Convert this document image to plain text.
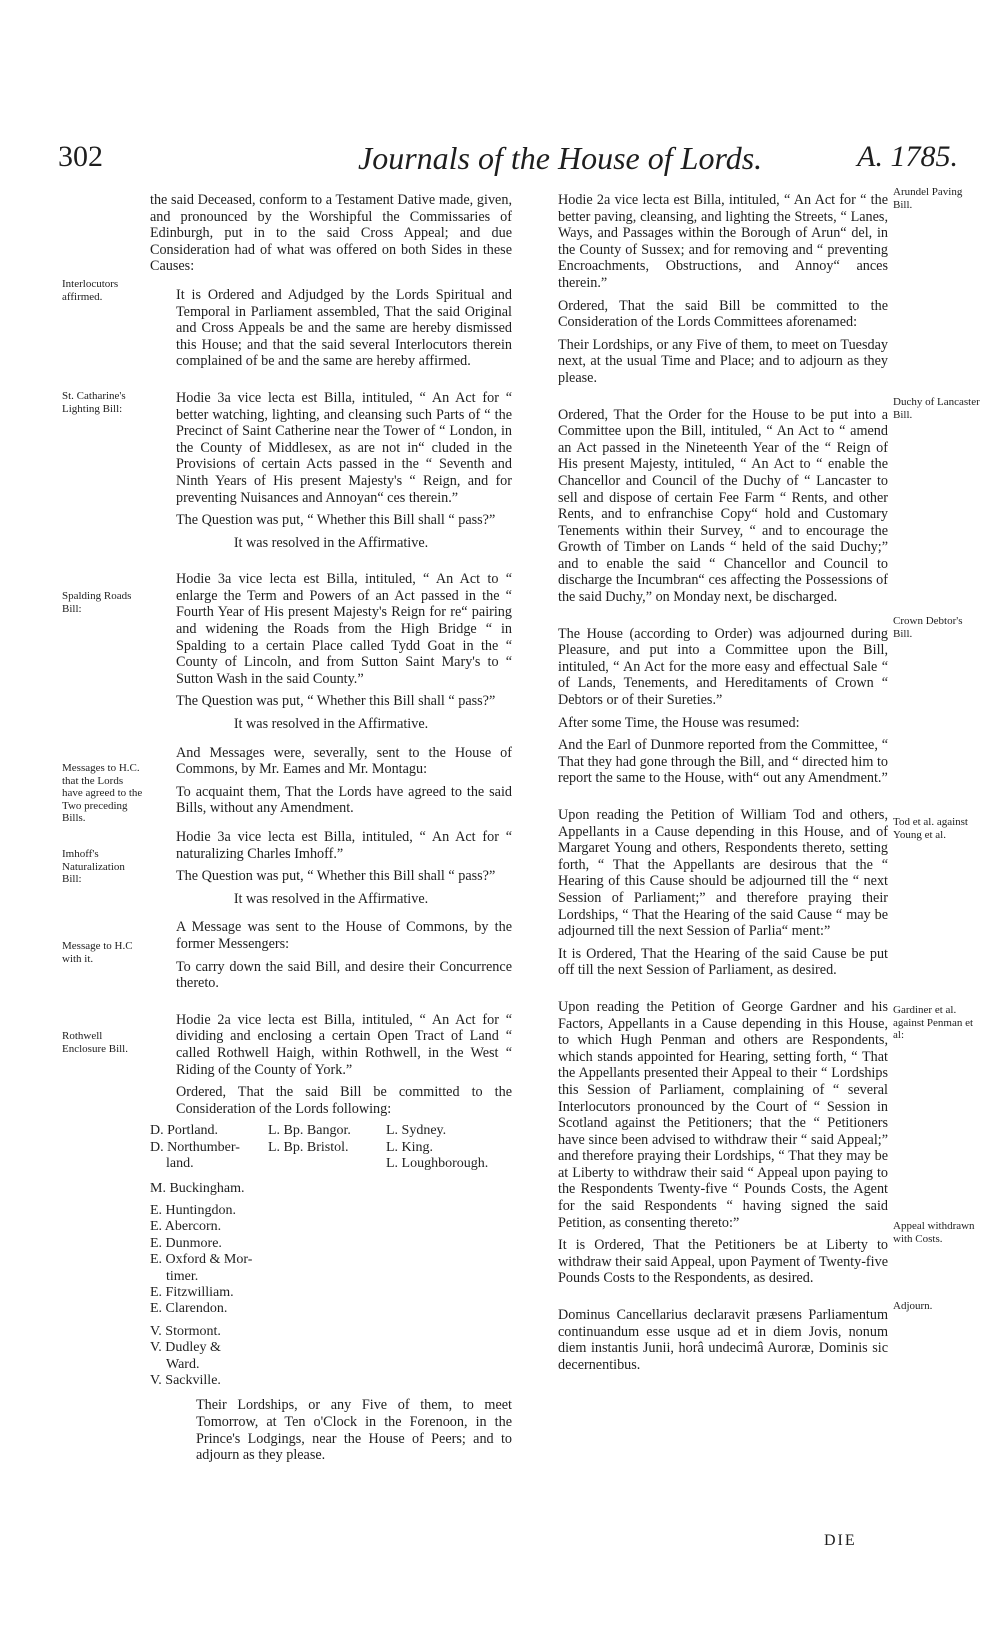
302	Journals of the House of Lords.	A. 1785.
Interlocutors affirmed.
St. Catharine's Lighting Bill:
Spalding Roads Bill:
Messages to H.C. that the Lords have agreed to the Two preceding Bills.
Imhoff's Naturalization Bill:
Message to H.C with it.
Rothwell Enclosure Bill.
Arundel Paving Bill.
Duchy of Lancaster Bill.
Crown Debtor's Bill.
Tod et al. against Young et al.
Gardiner et al. against Penman et al:
Appeal withdrawn with Costs.
Adjourn.

the said Deceased, conform to a Testament Dative made, given, and pronounced by the Worshipful the Commissaries of Edinburgh, put in to the said Cross Appeal; and due Consideration had of what was offered on both Sides in these Causes:

It is Ordered and Adjudged by the Lords Spiritual and Temporal in Parliament assembled, That the said Original and Cross Appeals be and the same are hereby dismissed this House; and that the said several Interlocutors therein complained of be and the same are hereby affirmed.

Hodie 3a vice lecta est Billa, intituled, “ An Act for “ better watching, lighting, and cleansing such Parts of “ the Precinct of Saint Catherine near the Tower of “ London, in the County of Middlesex, as are not in“ cluded in the Provisions of certain Acts passed in the “ Seventh and Ninth Years of His present Majesty's “ Reign, and for preventing Nuisances and Annoyan“ ces therein.”

The Question was put, “ Whether this Bill shall “ pass?”

It was resolved in the Affirmative.

Hodie 3a vice lecta est Billa, intituled, “ An Act to “ enlarge the Term and Powers of an Act passed in the “ Fourth Year of His present Majesty's Reign for re“ pairing and widening the Roads from the High Bridge “ in Spalding to a certain Place called Tydd Goat in the “ County of Lincoln, and from Sutton Saint Mary's to “ Sutton Wash in the said County.”

The Question was put, “ Whether this Bill shall “ pass?”

It was resolved in the Affirmative.

And Messages were, severally, sent to the House of Commons, by Mr. Eames and Mr. Montagu:

To acquaint them, That the Lords have agreed to the said Bills, without any Amendment.

Hodie 3a vice lecta est Billa, intituled, “ An Act for “ naturalizing Charles Imhoff.”

The Question was put, “ Whether this Bill shall “ pass?”

It was resolved in the Affirmative.

A Message was sent to the House of Commons, by the former Messengers:

To carry down the said Bill, and desire their Concurrence thereto.

Hodie 2a vice lecta est Billa, intituled, “ An Act for “ dividing and enclosing a certain Open Tract of Land “ called Rothwell Haigh, within Rothwell, in the West “ Riding of the County of York.”

Ordered, That the said Bill be committed to the Consideration of the Lords following:

D. Portland.
D. Northumber-
land.
L. Bp. Bangor.
L. Bp. Bristol.
L. Sydney.
L. King.
L. Loughborough.
M. Buckingham.
E. Huntingdon.
E. Abercorn.
E. Dunmore.
E. Oxford & Mor-
timer.
E. Fitzwilliam.
E. Clarendon.
V. Stormont.
V. Dudley &
Ward.
V. Sackville.

Their Lordships, or any Five of them, to meet Tomorrow, at Ten o'Clock in the Forenoon, in the Prince's Lodgings, near the House of Peers; and to adjourn as they please.

Hodie 2a vice lecta est Billa, intituled, “ An Act for “ the better paving, cleansing, and lighting the Streets, “ Lanes, Ways, and Passages within the Borough of Arun“ del, in the County of Sussex; and for removing and “ preventing Encroachments, Obstructions, and Annoy“ ances therein.”

Ordered, That the said Bill be committed to the Consideration of the Lords Committees aforenamed:

Their Lordships, or any Five of them, to meet on Tuesday next, at the usual Time and Place; and to adjourn as they please.

Ordered, That the Order for the House to be put into a Committee upon the Bill, intituled, “ An Act to “ amend an Act passed in the Nineteenth Year of the “ Reign of His present Majesty, intituled, “ An Act to “ enable the Chancellor and Council of the Duchy of “ Lancaster to sell and dispose of certain Fee Farm “ Rents, and other Rents, and to enfranchise Copy“ hold and Customary Tenements within their Survey, “ and to encourage the Growth of Timber on Lands “ held of the said Duchy;” and to enable the said “ Chancellor and Council to discharge the Incumbran“ ces affecting the Possessions of the said Duchy,” on Monday next, be discharged.

The House (according to Order) was adjourned during Pleasure, and put into a Committee upon the Bill, intituled, “ An Act for the more easy and effectual Sale “ of Lands, Tenements, and Hereditaments of Crown “ Debtors or of their Sureties.”

After some Time, the House was resumed:

And the Earl of Dunmore reported from the Committee, “ That they had gone through the Bill, and “ directed him to report the same to the House, with“ out any Amendment.”

Upon reading the Petition of William Tod and others, Appellants in a Cause depending in this House, and of Margaret Young and others, Respondents thereto, setting forth, “ That the Appellants are desirous that the “ Hearing of this Cause should be adjourned till the “ next Session of Parliament;” and therefore praying their Lordships, “ That the Hearing of the said Cause “ may be adjourned till the next Session of Parlia“ ment:”

It is Ordered, That the Hearing of the said Cause be put off till the next Session of Parliament, as desired.

Upon reading the Petition of George Gardner and his Factors, Appellants in a Cause depending in this House, to which Hugh Penman and others are Respondents, which stands appointed for Hearing, setting forth, “ That the Appellants presented their Appeal to their “ Lordships this Session of Parliament, complaining of “ several Interlocutors pronounced by the Court of “ Session in Scotland against the Petitioners; that the “ Petitioners have since been advised to withdraw their “ said Appeal;” and therefore praying their Lordships, “ That they may be at Liberty to withdraw their said “ Appeal upon paying to the Respondents Twenty-five “ Pounds Costs, the Agent for the said Respondents “ having signed the said Petition, as consenting thereto:”

It is Ordered, That the Petitioners be at Liberty to withdraw their said Appeal, upon Payment of Twenty-five Pounds Costs to the Respondents, as desired.

Dominus Cancellarius declaravit præsens Parliamentum continuandum esse usque ad et in diem Jovis, nonum diem instantis Junii, horâ undecimâ Auroræ, Dominis sic decernentibus.

DIE
